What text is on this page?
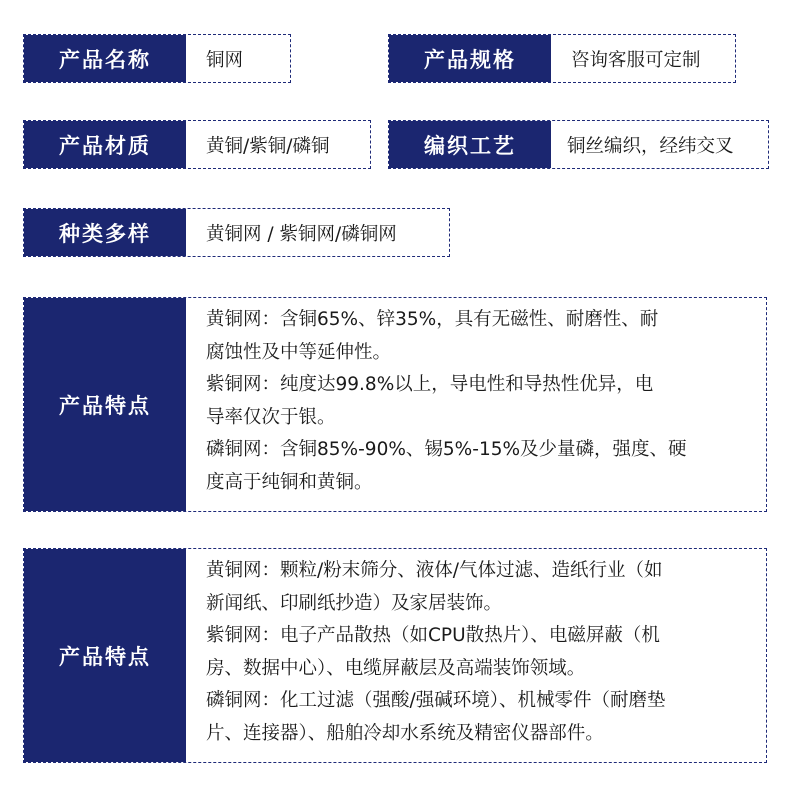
产品名称	铜网	产品规格	咨询客服可定制
产品材质	黄铜/紫铜/磷铜	编织工艺	铜丝编织，经纬交叉
种类多样	黄铜网 / 紫铜网/磷铜网
产品特点

黄铜网：含铜65%、锌35%，具有无磁性、耐磨性、耐

腐蚀性及中等延伸性。

紫铜网：纯度达99.8%以上，导电性和导热性优异，电

导率仅次于银。

磷铜网：含铜85%-90%、锡5%-15%及少量磷，强度、硬

度高于纯铜和黄铜。

产品特点

黄铜网：颗粒/粉末筛分、液体/气体过滤、造纸行业（如

新闻纸、印刷纸抄造）及家居装饰。

紫铜网：电子产品散热（如CPU散热片）、电磁屏蔽（机

房、数据中心）、电缆屏蔽层及高端装饰领域。

磷铜网：化工过滤（强酸/强碱环境）、机械零件（耐磨垫

片、连接器）、船舶冷却水系统及精密仪器部件。
